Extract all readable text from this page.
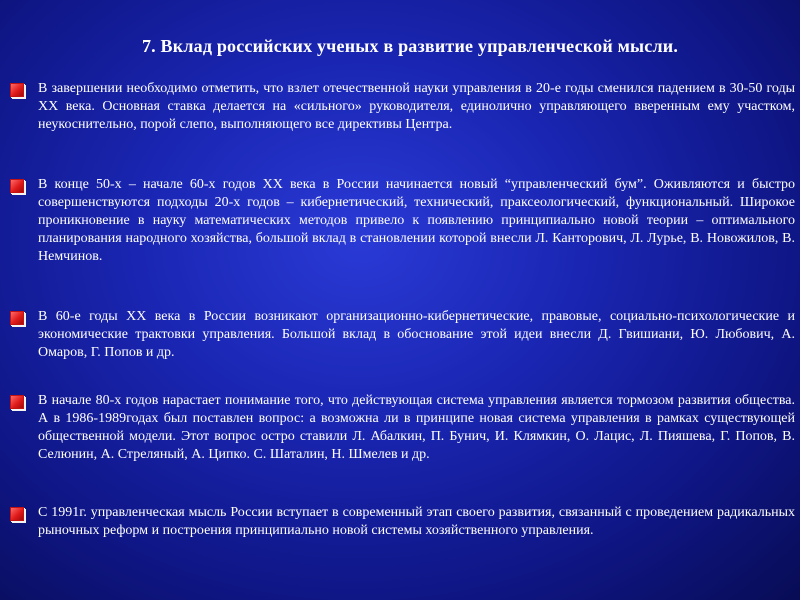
7. Вклад российских ученых в развитие управленческой мысли.
В завершении необходимо отметить, что взлет отечественной науки управления в 20-е годы сменился падением в 30-50 годы XX века. Основная ставка делается на «сильного» руководителя, единолично управляющего вверенным ему участком, неукоснительно, порой слепо, выполняющего все директивы Центра.
В конце 50-х – начале 60-х годов XX века в России начинается новый “управленческий бум”. Оживляются и быстро совершенствуются подходы 20-х годов – кибернетический, технический, праксеологический, функциональный. Широкое проникновение в науку математических методов привело к появлению принципиально новой теории – оптимального планирования народного хозяйства, большой вклад в становлении которой внесли Л. Канторович, Л. Лурье, В. Новожилов, В. Немчинов.
В 60-е годы XX века в России возникают организационно-кибернетические, правовые, социально-психологические и экономические трактовки управления. Большой вклад в обоснование этой идеи внесли Д. Гвишиани, Ю. Любович, А. Омаров, Г. Попов и др.
В начале 80-х годов нарастает понимание того, что действующая система управления является тормозом развития общества. А в 1986-1989годах был поставлен вопрос: а возможна ли в принципе новая система управления в рамках существующей общественной модели. Этот вопрос остро ставили Л. Абалкин, П. Бунич, И. Клямкин, О. Лацис, Л. Пияшева, Г. Попов, В. Селюнин, А. Стреляный, А. Ципко. С. Шаталин, Н. Шмелев и др.
С 1991г. управленческая мысль России вступает в современный этап своего развития, связанный с проведением радикальных рыночных реформ и построения принципиально новой системы хозяйственного управления.
